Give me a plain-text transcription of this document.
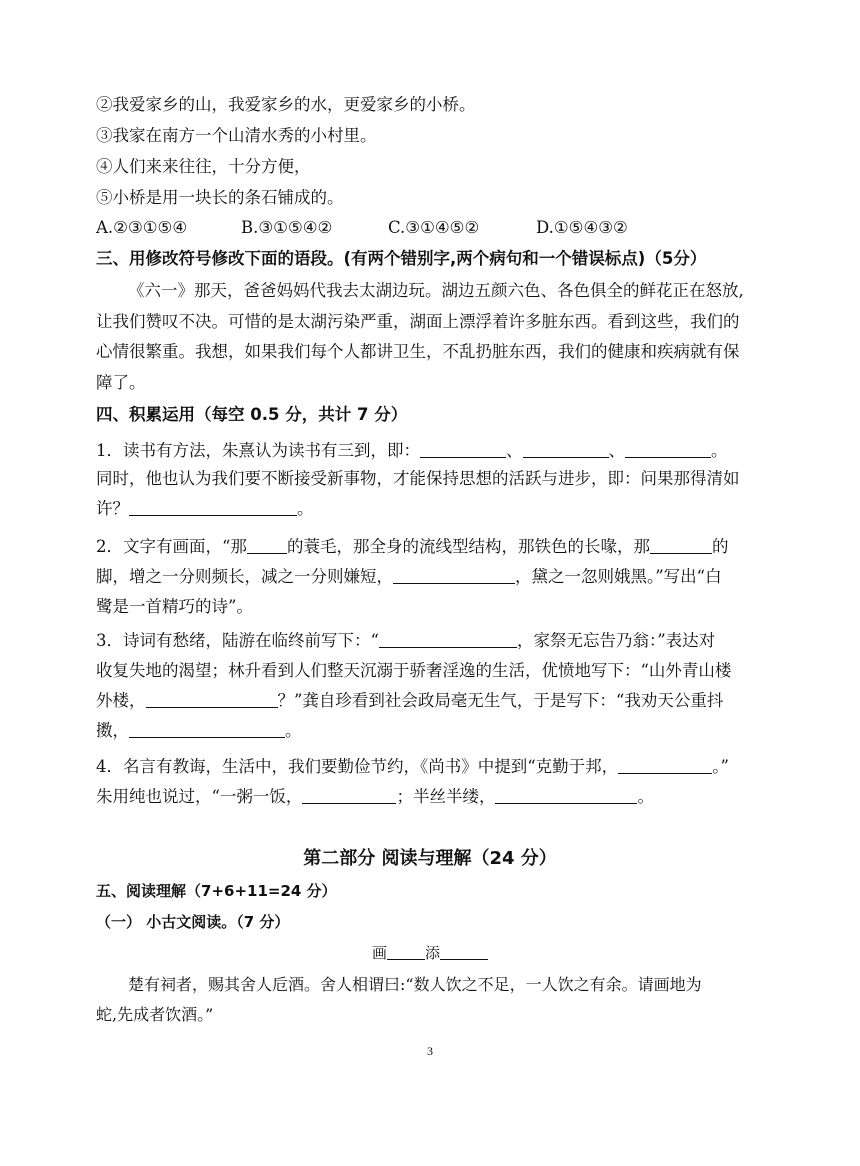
②我爱家乡的山，我爱家乡的水，更爱家乡的小桥。
③我家在南方一个山清水秀的小村里。
④人们来来往往，十分方便，
⑤小桥是用一块长的条石铺成的。
A.②③①⑤④	B.③①⑤④②	C.③①④⑤②	D.①⑤④③②
三、用修改符号修改下面的语段。(有两个错别字,两个病句和一个错误标点)（5分）
《六一》那天，爸爸妈妈代我去太湖边玩。湖边五颜六色、各色俱全的鲜花正在怒放,
让我们赞叹不决。可惜的是太湖污染严重，湖面上漂浮着许多脏东西。看到这些，我们的
心情很繁重。我想，如果我们每个人都讲卫生，不乱扔脏东西，我们的健康和疾病就有保
障了。
四、积累运用（每空 0.5 分，共计 7 分）
1．读书有方法，朱熹认为读书有三到，即：	、	、	。
同时，他也认为我们要不断接受新事物，才能保持思想的活跃与进步，即：问果那得清如
许？	。
2．文字有画面，“那 的蓑毛，那全身的流线型结构，那铁色的长喙，那	的
脚，增之一分则频长，减之一分则嫌短，	，黛之一忽则娥黑。”写出“白
鹭是一首精巧的诗”。
3．诗词有愁绪，陆游在临终前写下：“	，家祭无忘告乃翁：”表达对
收复失地的渴望；林升看到人们整天沉溺于骄奢淫逸的生活，优愤地写下：“山外青山楼
外楼，	？”龚自珍看到社会政局毫无生气，于是写下：“我劝天公重抖
擞，	。
4．名言有教诲，生活中，我们要勤俭节约，《尚书》中提到“克勤于邦，	。”
朱用纯也说过，“一粥一饭，	；半丝半缕，	。
第二部分 阅读与理解（24 分）
五、阅读理解（7+6+11=24 分）
（一） 小古文阅读。（7 分）
画	添
楚有祠者，赐其舍人卮酒。舍人相谓曰:“数人饮之不足，一人饮之有余。请画地为
蛇,先成者饮酒。”
3
